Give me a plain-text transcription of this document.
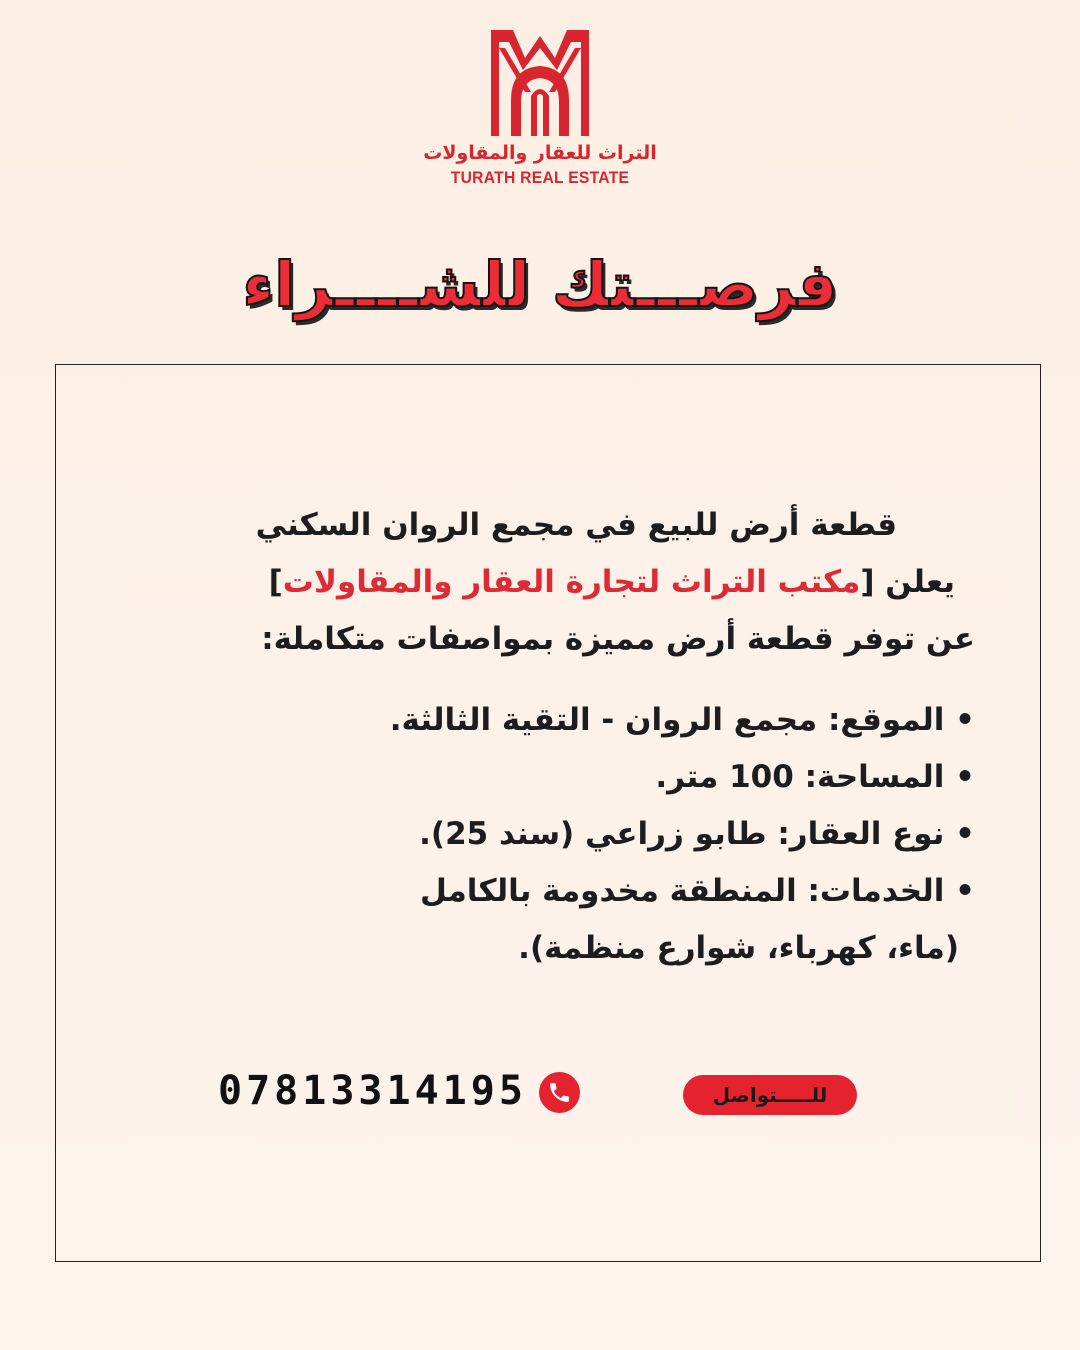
التراث للعقار والمقاولات
TURATH REAL ESTATE
فرصـــتك للشــــراء
قطعة أرض للبيع في مجمع الروان السكني
يعلن [مكتب التراث لتجارة العقار والمقاولات]
عن توفر قطعة أرض مميزة بمواصفات متكاملة:
• الموقع: مجمع الروان - التقية الثالثة.
• المساحة: 100 متر.
• نوع العقار: طابو زراعي (سند 25).
• الخدمات: المنطقة مخدومة بالكامل
(ماء، كهرباء، شوارع منظمة).
للـــــتواصل
07813314195
